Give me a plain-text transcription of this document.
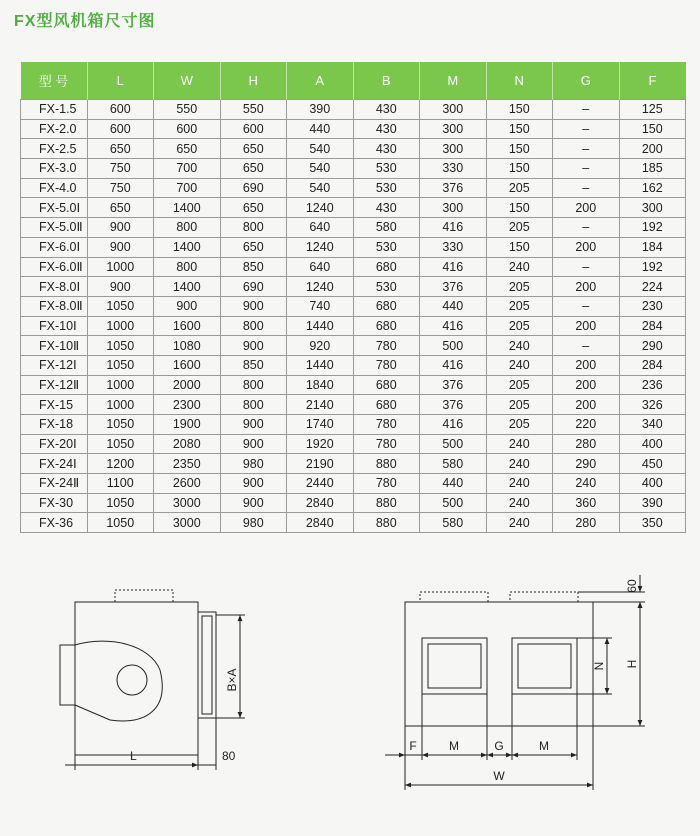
FX型风机箱尺寸图
型 号	L	W	H	A	B	M	N	G	F
FX-1.5	600	550	550	390	430	300	150	–	125
FX-2.0	600	600	600	440	430	300	150	–	150
FX-2.5	650	650	650	540	430	300	150	–	200
FX-3.0	750	700	650	540	530	330	150	–	185
FX-4.0	750	700	690	540	530	376	205	–	162
FX-5.0Ⅰ	650	1400	650	1240	430	300	150	200	300
FX-5.0Ⅱ	900	800	800	640	580	416	205	–	192
FX-6.0Ⅰ	900	1400	650	1240	530	330	150	200	184
FX-6.0Ⅱ	1000	800	850	640	680	416	240	–	192
FX-8.0Ⅰ	900	1400	690	1240	530	376	205	200	224
FX-8.0Ⅱ	1050	900	900	740	680	440	205	–	230
FX-10Ⅰ	1000	1600	800	1440	680	416	205	200	284
FX-10Ⅱ	1050	1080	900	920	780	500	240	–	290
FX-12Ⅰ	1050	1600	850	1440	780	416	240	200	284
FX-12Ⅱ	1000	2000	800	1840	680	376	205	200	236
FX-15	1000	2300	800	2140	680	376	205	200	326
FX-18	1050	1900	900	1740	780	416	205	220	340
FX-20Ⅰ	1050	2080	900	1920	780	500	240	280	400
FX-24Ⅰ	1200	2350	980	2190	880	580	240	290	450
FX-24Ⅱ	1100	2600	900	2440	780	440	240	240	400
FX-30	1050	3000	900	2840	880	500	240	360	390
FX-36	1050	3000	980	2840	880	580	240	280	350
L	80
B×A
60
N H
F	M	G	M
W
